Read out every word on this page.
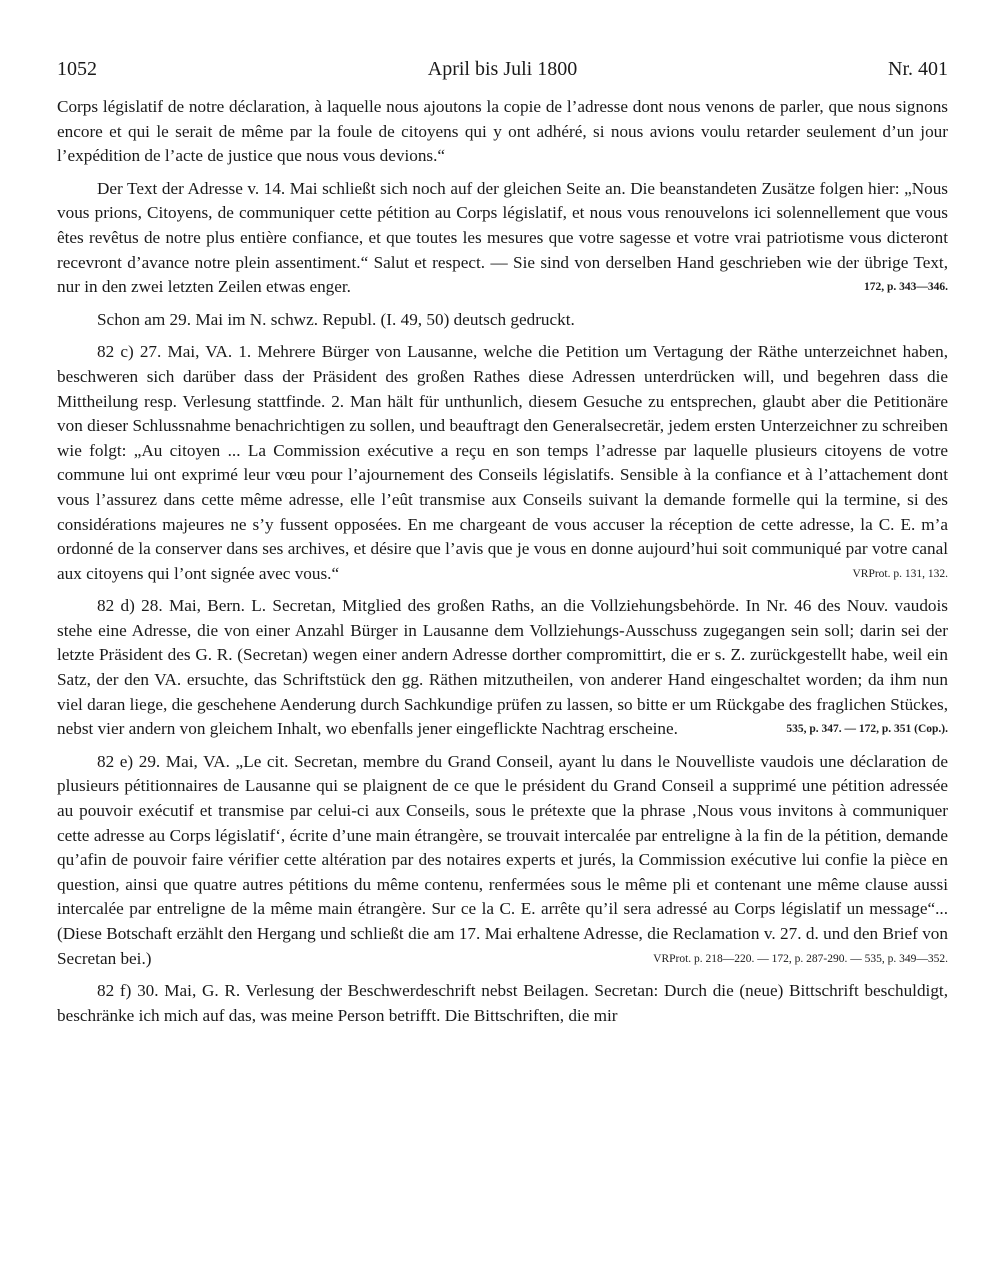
1052	April bis Juli 1800	Nr. 401

Corps législatif de notre déclaration, à laquelle nous ajoutons la copie de l’adresse dont nous venons de parler, que nous signons encore et qui le serait de même par la foule de citoyens qui y ont adhéré, si nous avions voulu retarder seulement d’un jour l’expédition de l’acte de justice que nous vous devions.“

Der Text der Adresse v. 14. Mai schließt sich noch auf der gleichen Seite an. Die beanstandeten Zusätze folgen hier: „Nous vous prions, Citoyens, de communiquer cette pétition au Corps législatif, et nous vous renouvelons ici solennellement que vous êtes revêtus de notre plus entière confiance, et que toutes les mesures que votre sagesse et votre vrai patriotisme vous dicteront recevront d’avance notre plein assentiment.“ Salut et respect. — Sie sind von derselben Hand geschrieben wie der übrige Text, nur in den zwei letzten Zeilen etwas enger.	172, p. 343—346.

Schon am 29. Mai im N. schwz. Republ. (I. 49, 50) deutsch gedruckt.

82 c) 27. Mai, VA. 1. Mehrere Bürger von Lausanne, welche die Petition um Vertagung der Räthe unterzeichnet haben, beschweren sich darüber dass der Präsident des großen Rathes diese Adressen unterdrücken will, und begehren dass die Mittheilung resp. Verlesung stattfinde. 2. Man hält für unthunlich, diesem Gesuche zu entsprechen, glaubt aber die Petitionäre von dieser Schlussnahme benachrichtigen zu sollen, und beauftragt den Generalsecretär, jedem ersten Unterzeichner zu schreiben wie folgt: „Au citoyen ... La Commission exécutive a reçu en son temps l’adresse par laquelle plusieurs citoyens de votre commune lui ont exprimé leur vœu pour l’ajournement des Conseils législatifs. Sensible à la confiance et à l’attachement dont vous l’assurez dans cette même adresse, elle l’eût transmise aux Conseils suivant la demande formelle qui la termine, si des considérations majeures ne s’y fussent opposées. En me chargeant de vous accuser la réception de cette adresse, la C. E. m’a ordonné de la conserver dans ses archives, et désire que l’avis que je vous en donne aujourd’hui soit communiqué par votre canal aux citoyens qui l’ont signée avec vous.“	VRProt. p. 131, 132.

82 d) 28. Mai, Bern. L. Secretan, Mitglied des großen Raths, an die Vollziehungsbehörde. In Nr. 46 des Nouv. vaudois stehe eine Adresse, die von einer Anzahl Bürger in Lausanne dem Vollziehungs-Ausschuss zugegangen sein soll; darin sei der letzte Präsident des G. R. (Secretan) wegen einer andern Adresse dorther compromittirt, die er s. Z. zurückgestellt habe, weil ein Satz, der den VA. ersuchte, das Schriftstück den gg. Räthen mitzutheilen, von anderer Hand eingeschaltet worden; da ihm nun viel daran liege, die geschehene Aenderung durch Sachkundige prüfen zu lassen, so bitte er um Rückgabe des fraglichen Stückes, nebst vier andern von gleichem Inhalt, wo ebenfalls jener eingeflickte Nachtrag erscheine.	535, p. 347. — 172, p. 351 (Cop.).

82 e) 29. Mai, VA. „Le cit. Secretan, membre du Grand Conseil, ayant lu dans le Nouvelliste vaudois une déclaration de plusieurs pétitionnaires de Lausanne qui se plaignent de ce que le président du Grand Conseil a supprimé une pétition adressée au pouvoir exécutif et transmise par celui-ci aux Conseils, sous le prétexte que la phrase ‚Nous vous invitons à communiquer cette adresse au Corps législatif‘, écrite d’une main étrangère, se trouvait intercalée par entreligne à la fin de la pétition, demande qu’afin de pouvoir faire vérifier cette altération par des notaires experts et jurés, la Commission exécutive lui confie la pièce en question, ainsi que quatre autres pétitions du même contenu, renfermées sous le même pli et contenant une même clause aussi intercalée par entreligne de la même main étrangère. Sur ce la C. E. arrête qu’il sera adressé au Corps législatif un message“... (Diese Botschaft erzählt den Hergang und schließt die am 17. Mai erhaltene Adresse, die Reclamation v. 27. d. und den Brief von Secretan bei.)	VRProt. p. 218—220. — 172, p. 287-290. — 535, p. 349—352.

82 f) 30. Mai, G. R. Verlesung der Beschwerdeschrift nebst Beilagen. Secretan: Durch die (neue) Bittschrift beschuldigt, beschränke ich mich auf das, was meine Person betrifft. Die Bittschriften, die mir
